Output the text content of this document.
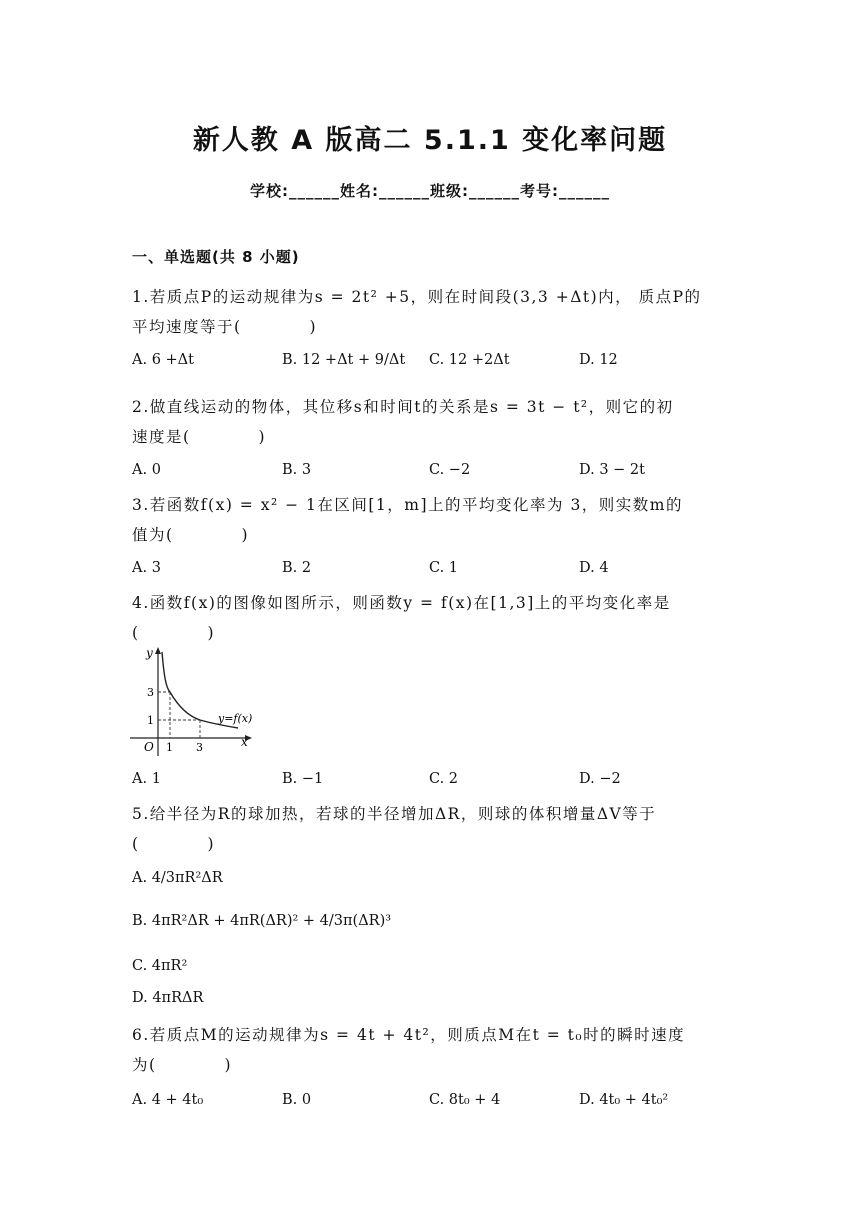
新人教 A 版高二 5.1.1 变化率问题
学校:______姓名:______班级:______考号:______
一、单选题(共 8 小题)
1.若质点P的运动规律为s = 2t² +5，则在时间段(3,3 +Δt)内， 质点P的
平均速度等于(　　　　)
A. 6 +Δt	B. 12 +Δt + 9/Δt C. 12 +2Δt	D. 12
2.做直线运动的物体，其位移s和时间t的关系是s = 3t − t²，则它的初
速度是(　　　　)
A. 0	B. 3	C. −2	D. 3 − 2t
3.若函数f(x) = x² − 1在区间[1，m]上的平均变化率为 3，则实数m的
值为(　　　　)
A. 3	B. 2	C. 1	D. 4
4.函数f(x)的图像如图所示，则函数y = f(x)在[1,3]上的平均变化率是
(　　　　)
y
x
O 1 3
3
1	y=f(x)
A. 1	B. −1	C. 2	D. −2
5.给半径为R的球加热，若球的半径增加ΔR，则球的体积增量ΔV等于
(　　　　)
A. 4/3πR²ΔR
B. 4πR²ΔR + 4πR(ΔR)² + 4/3π(ΔR)³
C. 4πR²
D. 4πRΔR
6.若质点M的运动规律为s = 4t + 4t²，则质点M在t = t₀时的瞬时速度
为(　　　　)
A. 4 + 4t₀	B. 0	C. 8t₀ + 4	D. 4t₀ + 4t₀²
